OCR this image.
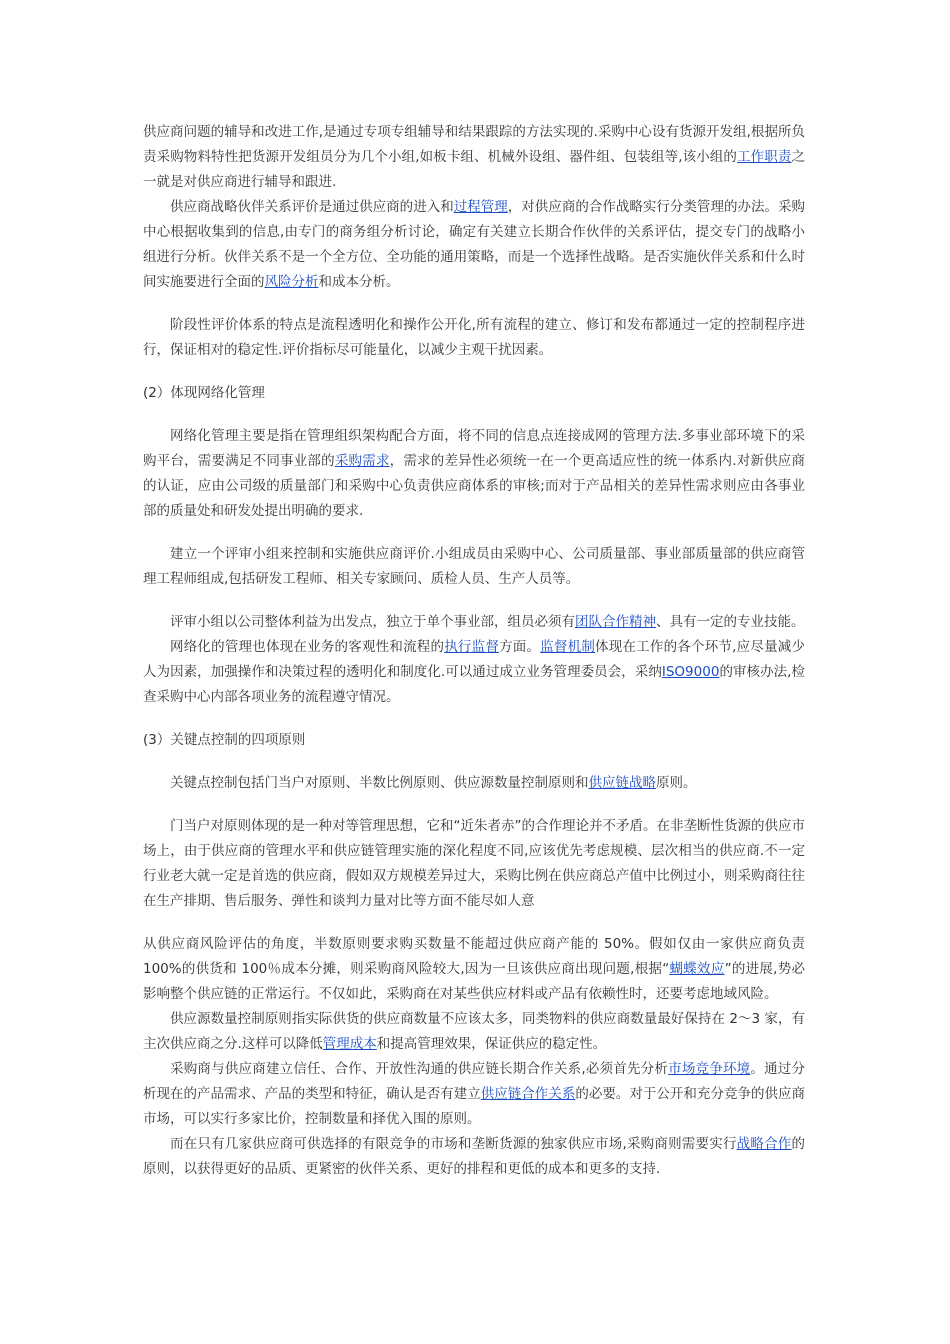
供应商问题的辅导和改进工作,是通过专项专组辅导和结果跟踪的方法实现的.采购中心设有货源开发组,根据所负责采购物料特性把货源开发组员分为几个小组,如板卡组、机械外设组、器件组、包装组等,该小组的工作职责之一就是对供应商进行辅导和跟进.

供应商战略伙伴关系评价是通过供应商的进入和过程管理，对供应商的合作战略实行分类管理的办法。采购中心根据收集到的信息,由专门的商务组分析讨论，确定有关建立长期合作伙伴的关系评估，提交专门的战略小组进行分析。伙伴关系不是一个全方位、全功能的通用策略，而是一个选择性战略。是否实施伙伴关系和什么时间实施要进行全面的风险分析和成本分析。

阶段性评价体系的特点是流程透明化和操作公开化,所有流程的建立、修订和发布都通过一定的控制程序进行，保证相对的稳定性.评价指标尽可能量化，以减少主观干扰因素。

(2）体现网络化管理

网络化管理主要是指在管理组织架构配合方面，将不同的信息点连接成网的管理方法.多事业部环境下的采购平台，需要满足不同事业部的采购需求，需求的差异性必须统一在一个更高适应性的统一体系内.对新供应商的认证，应由公司级的质量部门和采购中心负责供应商体系的审核;而对于产品相关的差异性需求则应由各事业部的质量处和研发处提出明确的要求.

建立一个评审小组来控制和实施供应商评价.小组成员由采购中心、公司质量部、事业部质量部的供应商管理工程师组成,包括研发工程师、相关专家顾问、质检人员、生产人员等。

评审小组以公司整体利益为出发点，独立于单个事业部，组员必须有团队合作精神、具有一定的专业技能。

网络化的管理也体现在业务的客观性和流程的执行监督方面。监督机制体现在工作的各个环节,应尽量减少人为因素，加强操作和决策过程的透明化和制度化.可以通过成立业务管理委员会，采纳ISO9000的审核办法,检查采购中心内部各项业务的流程遵守情况。

(3）关键点控制的四项原则

关键点控制包括门当户对原则、半数比例原则、供应源数量控制原则和供应链战略原则。

门当户对原则体现的是一种对等管理思想，它和“近朱者赤”的合作理论并不矛盾。在非垄断性货源的供应市场上，由于供应商的管理水平和供应链管理实施的深化程度不同,应该优先考虑规模、层次相当的供应商.不一定行业老大就一定是首选的供应商，假如双方规模差异过大，采购比例在供应商总产值中比例过小，则采购商往往在生产排期、售后服务、弹性和谈判力量对比等方面不能尽如人意

从供应商风险评估的角度，半数原则要求购买数量不能超过供应商产能的 50%。假如仅由一家供应商负责 100%的供货和 100％成本分摊，则采购商风险较大,因为一旦该供应商出现问题,根据“蝴蝶效应”的进展,势必影响整个供应链的正常运行。不仅如此，采购商在对某些供应材料或产品有依赖性时，还要考虑地域风险。

供应源数量控制原则指实际供货的供应商数量不应该太多，同类物料的供应商数量最好保持在 2～3 家，有主次供应商之分.这样可以降低管理成本和提高管理效果，保证供应的稳定性。

采购商与供应商建立信任、合作、开放性沟通的供应链长期合作关系,必须首先分析市场竞争环境。通过分析现在的产品需求、产品的类型和特征，确认是否有建立供应链合作关系的必要。对于公开和充分竞争的供应商市场，可以实行多家比价，控制数量和择优入围的原则。

而在只有几家供应商可供选择的有限竞争的市场和垄断货源的独家供应市场,采购商则需要实行战略合作的原则，以获得更好的品质、更紧密的伙伴关系、更好的排程和更低的成本和更多的支持.
